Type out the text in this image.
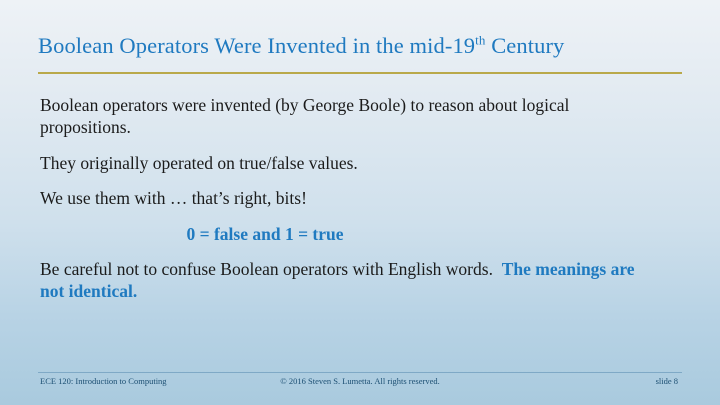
Boolean Operators Were Invented in the mid-19th Century

Boolean operators were invented (by George Boole) to reason about logical propositions.

They originally operated on true/false values.

We use them with … that’s right, bits!

0 = false and 1 = true

Be careful not to confuse Boolean operators with English words.  The meanings are not identical.

ECE 120: Introduction to Computing	© 2016 Steven S. Lumetta. All rights reserved.	slide 8
